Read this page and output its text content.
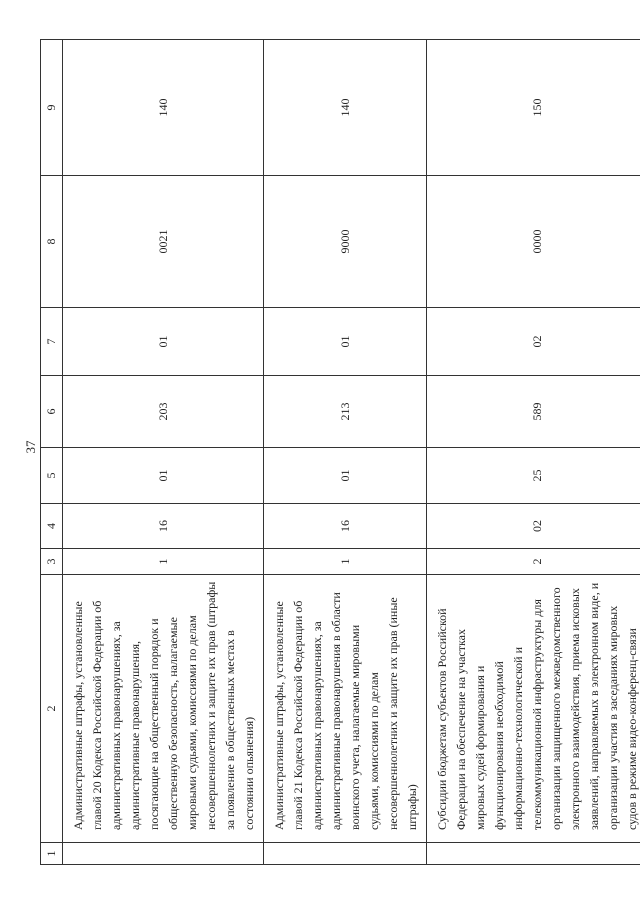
37
1	2	3	4	5	6	7	8	9
	Административные штрафы, установленные главой 20 Кодекса Российской Федерации об административных правонарушениях, за административные правонарушения, посягающие на общественный порядок и общественную безопасность, налагаемые мировыми судьями, комиссиями по делам несовершеннолетних и защите их прав (штрафы за появление в общественных местах в состоянии опьянения)	1	16	01	203	01	0021	140
	Административные штрафы, установленные главой 21 Кодекса Российской Федерации об административных правонарушениях, за административные правонарушения в области воинского учета, налагаемые мировыми судьями, комиссиями по делам несовершеннолетних и защите их прав (иные штрафы)	1	16	01	213	01	9000	140
	Субсидии бюджетам субъектов Российской Федерации на обеспечение на участках мировых судей формирования и функционирования необходимой информационно-технологической и телекоммуникационной инфраструктуры для организации защищенного межведомственного электронного взаимодействия, приема исковых заявлений, направляемых в электронном виде, и организации участия в заседаниях мировых судов в режиме видео-конференц-связи	2	02	25	589	02	0000	150
